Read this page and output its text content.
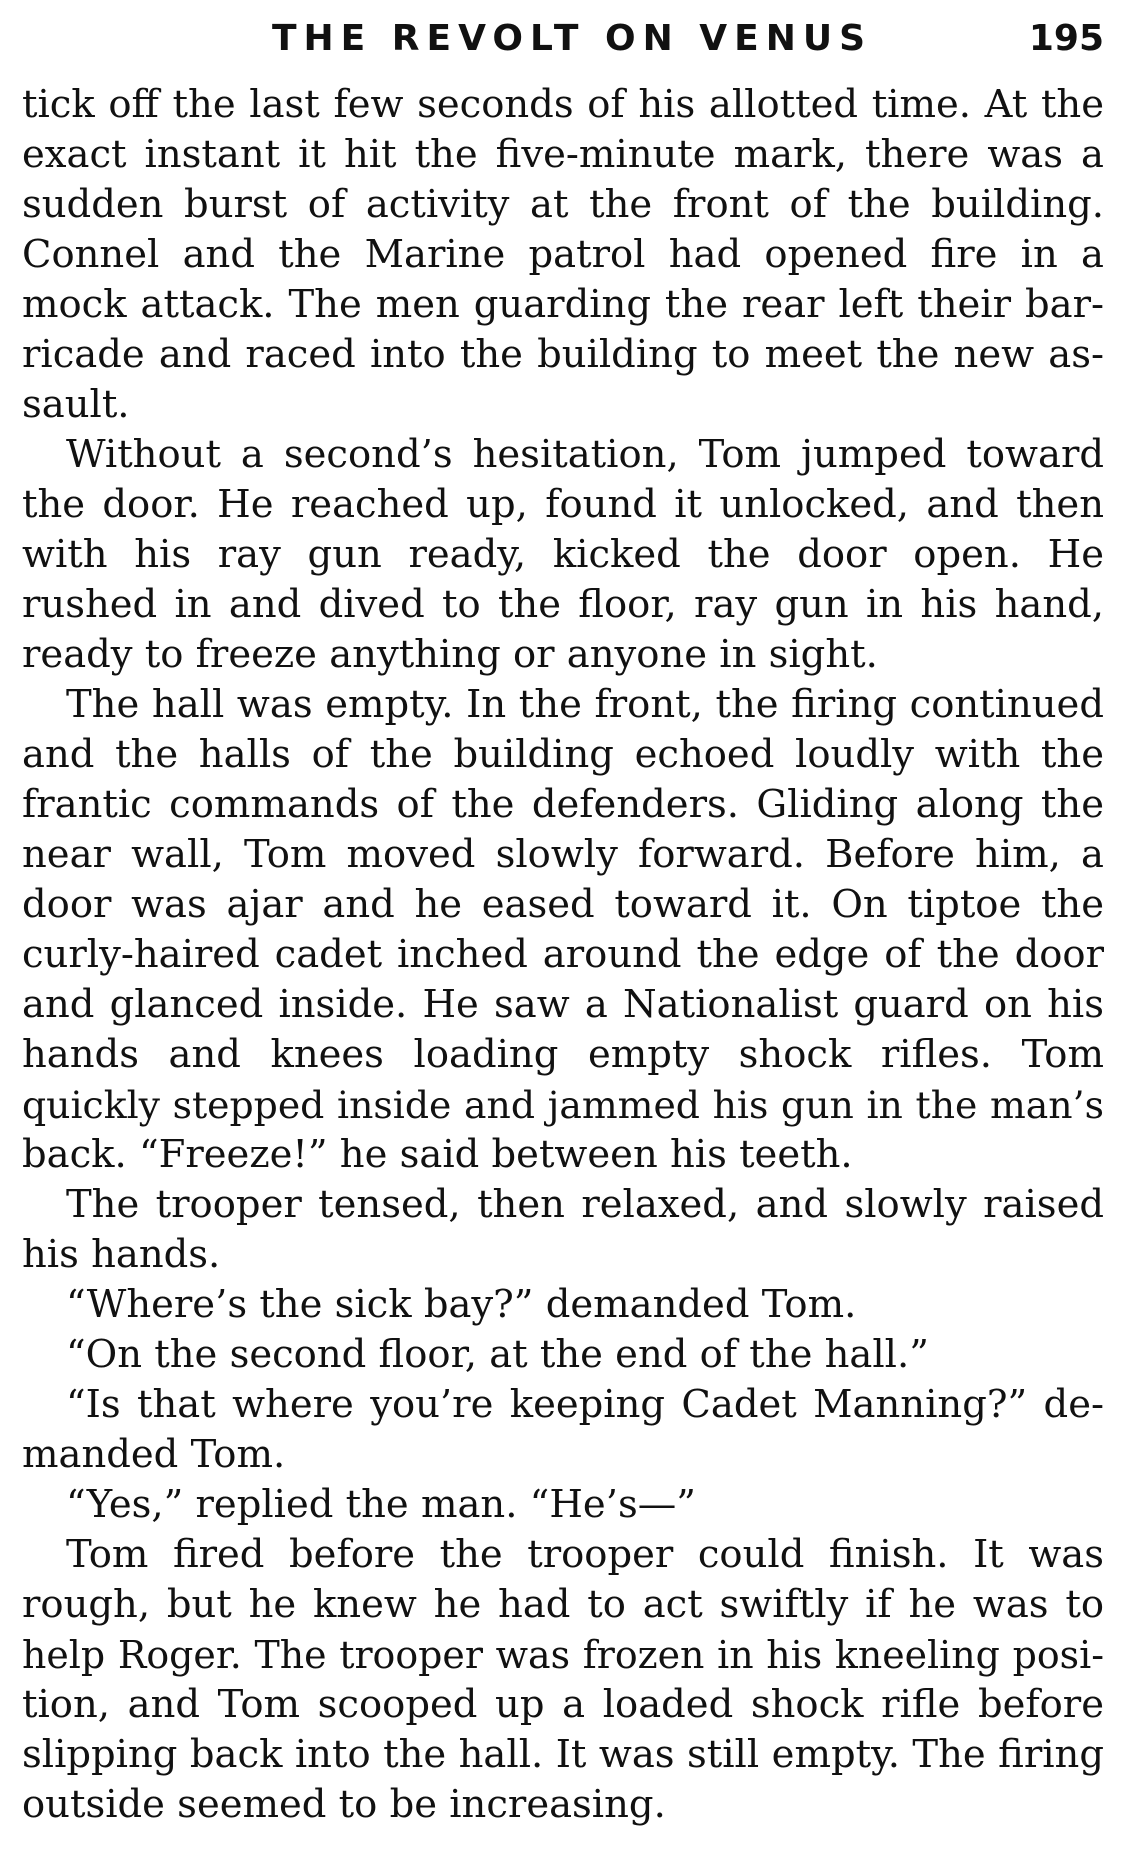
THE REVOLT ON VENUS	195
tick off the last few seconds of his allotted time. At the
exact instant it hit the five-minute mark, there was a
sudden burst of activity at the front of the building.
Connel and the Marine patrol had opened fire in a
mock attack. The men guarding the rear left their bar-
ricade and raced into the building to meet the new as-
sault.
Without a second’s hesitation, Tom jumped toward
the door. He reached up, found it unlocked, and then
with his ray gun ready, kicked the door open. He
rushed in and dived to the floor, ray gun in his hand,
ready to freeze anything or anyone in sight.
The hall was empty. In the front, the firing continued
and the halls of the building echoed loudly with the
frantic commands of the defenders. Gliding along the
near wall, Tom moved slowly forward. Before him, a
door was ajar and he eased toward it. On tiptoe the
curly-haired cadet inched around the edge of the door
and glanced inside. He saw a Nationalist guard on his
hands and knees loading empty shock rifles. Tom
quickly stepped inside and jammed his gun in the man’s
back. “Freeze!” he said between his teeth.
The trooper tensed, then relaxed, and slowly raised
his hands.
“Where’s the sick bay?” demanded Tom.
“On the second floor, at the end of the hall.”
“Is that where you’re keeping Cadet Manning?” de-
manded Tom.
“Yes,” replied the man. “He’s—”
Tom fired before the trooper could finish. It was
rough, but he knew he had to act swiftly if he was to
help Roger. The trooper was frozen in his kneeling posi-
tion, and Tom scooped up a loaded shock rifle before
slipping back into the hall. It was still empty. The firing
outside seemed to be increasing.
